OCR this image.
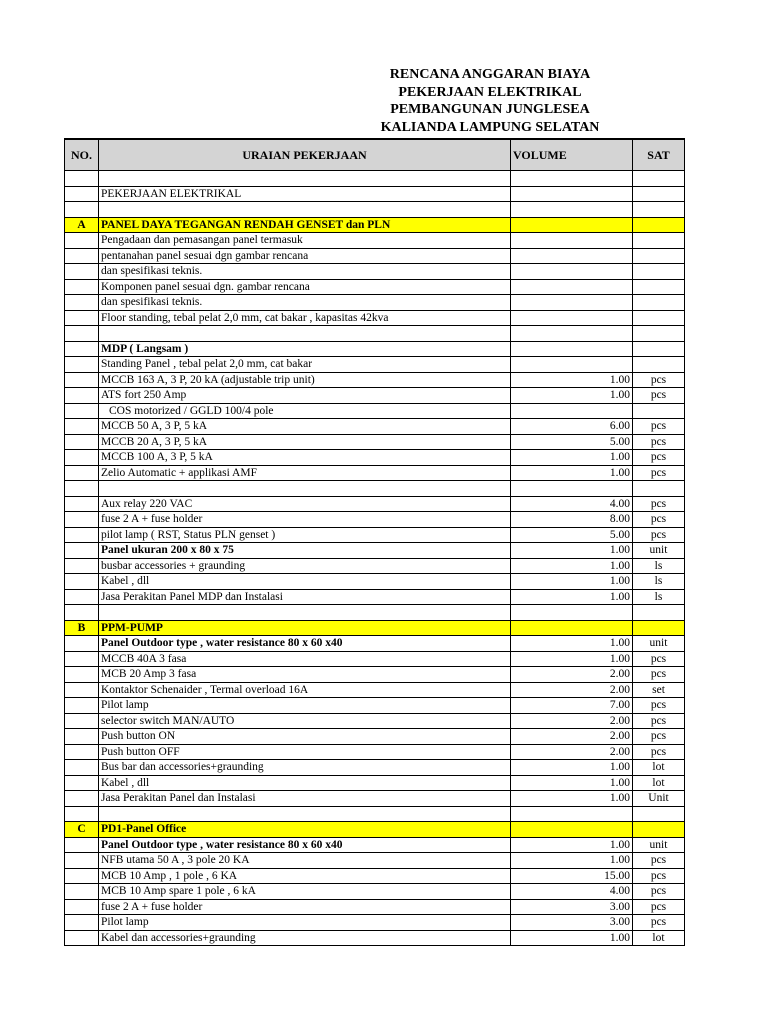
RENCANA ANGGARAN BIAYA
PEKERJAAN ELEKTRIKAL
PEMBANGUNAN JUNGLESEA
KALIANDA LAMPUNG SELATAN
NO.	URAIAN PEKERJAAN	VOLUME	SAT

	PEKERJAAN ELEKTRIKAL		

A	PANEL DAYA TEGANGAN RENDAH GENSET dan PLN		
	Pengadaan dan pemasangan panel termasuk		
	pentanahan panel sesuai dgn gambar rencana		
	dan spesifikasi teknis.		
	Komponen panel sesuai dgn. gambar rencana		
	dan spesifikasi teknis.		
	Floor standing, tebal pelat 2,0 mm, cat bakar , kapasitas 42kva		

	MDP ( Langsam )		
	Standing Panel , tebal pelat 2,0 mm, cat bakar		
	MCCB 163 A, 3 P, 20 kA (adjustable trip unit)	1.00	pcs
	ATS fort 250 Amp	1.00	pcs
	COS motorized / GGLD 100/4 pole		
	MCCB 50 A, 3 P, 5 kA	6.00	pcs
	MCCB 20 A, 3 P, 5 kA	5.00	pcs
	MCCB 100 A, 3 P, 5 kA	1.00	pcs
	Zelio Automatic + applikasi AMF	1.00	pcs

	Aux relay 220 VAC	4.00	pcs
	fuse 2 A + fuse holder	8.00	pcs
	pilot lamp ( RST, Status PLN genset )	5.00	pcs
	Panel ukuran 200 x 80 x 75	1.00	unit
	busbar accessories + graunding	1.00	ls
	Kabel , dll	1.00	ls
	Jasa Perakitan Panel MDP dan Instalasi	1.00	ls

B	PPM-PUMP		
	Panel Outdoor type , water resistance 80 x 60 x40	1.00	unit
	MCCB 40A 3 fasa	1.00	pcs
	MCB 20 Amp 3 fasa	2.00	pcs
	Kontaktor Schenaider , Termal overload 16A	2.00	set
	Pilot lamp	7.00	pcs
	selector switch MAN/AUTO	2.00	pcs
	Push button ON	2.00	pcs
	Push button OFF	2.00	pcs
	Bus bar dan accessories+graunding	1.00	lot
	Kabel , dll	1.00	lot
	Jasa Perakitan Panel dan Instalasi	1.00	Unit

C	PD1-Panel Office		
	Panel Outdoor type , water resistance 80 x 60 x40	1.00	unit
	NFB utama 50 A , 3 pole 20 KA	1.00	pcs
	MCB 10 Amp , 1 pole , 6 KA	15.00	pcs
	MCB 10 Amp spare 1 pole , 6 kA	4.00	pcs
	fuse 2 A + fuse holder	3.00	pcs
	Pilot lamp	3.00	pcs
	Kabel dan accessories+graunding	1.00	lot
